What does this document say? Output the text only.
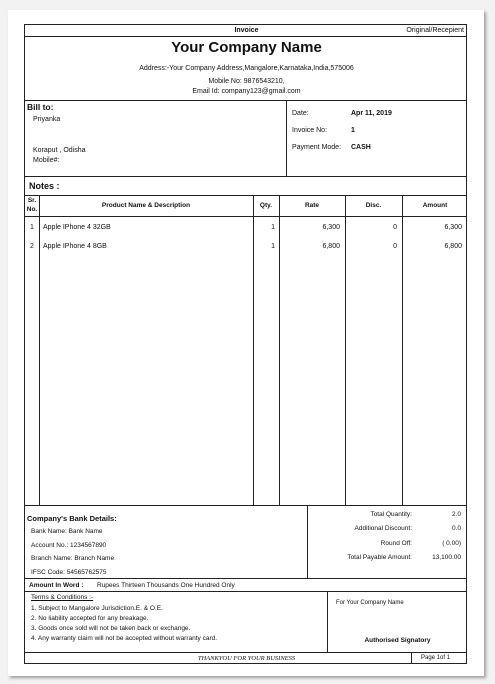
Invoice	Original/Recepient
Your Company Name
Address:-Your Company Address,Mangalore,Karnataka,India,575006
Mobile No: 9876543210,
Email Id: company123@gmail.com
Bill to:
Priyanka
Koraput , Odisha
Mobile#:
Date:	Apr 11, 2019
Invoice No:	1
Payment Mode: CASH
Notes :
Sr.
No.
Product Name & Description	Qty.	Rate	Disc.	Amount
1	Apple IPhone 4 32GB	1	6,300	0	6,300
2	Apple IPhone 4 8GB	1	6,800	0	6,800
Company's Bank Details:
Bank Name: Bank Name
Account No.: 1234567890
Branch Name: Branch Name
IFSC Code: 54565762575
Total Quantity:	2.0
Additional Discount:	0.0
Round Off:	( 0.00)
Total Payable Amount:	13,100.00
Amount In Word : Rupees Thirteen Thousands One Hundred Only
Terms & Conditions :-
1. Subject to Mangalore Jurisdiction.E. & O.E.
2. No liability accepted for any breakage.
3. Goods once sold will not be taken back or exchange.
4. Any warranty claim will not be accepted without warranty card.
For Your Company Name
Authorised Signatory
THANKYOU FOR YOUR BUSINESS	Page 1of 1
